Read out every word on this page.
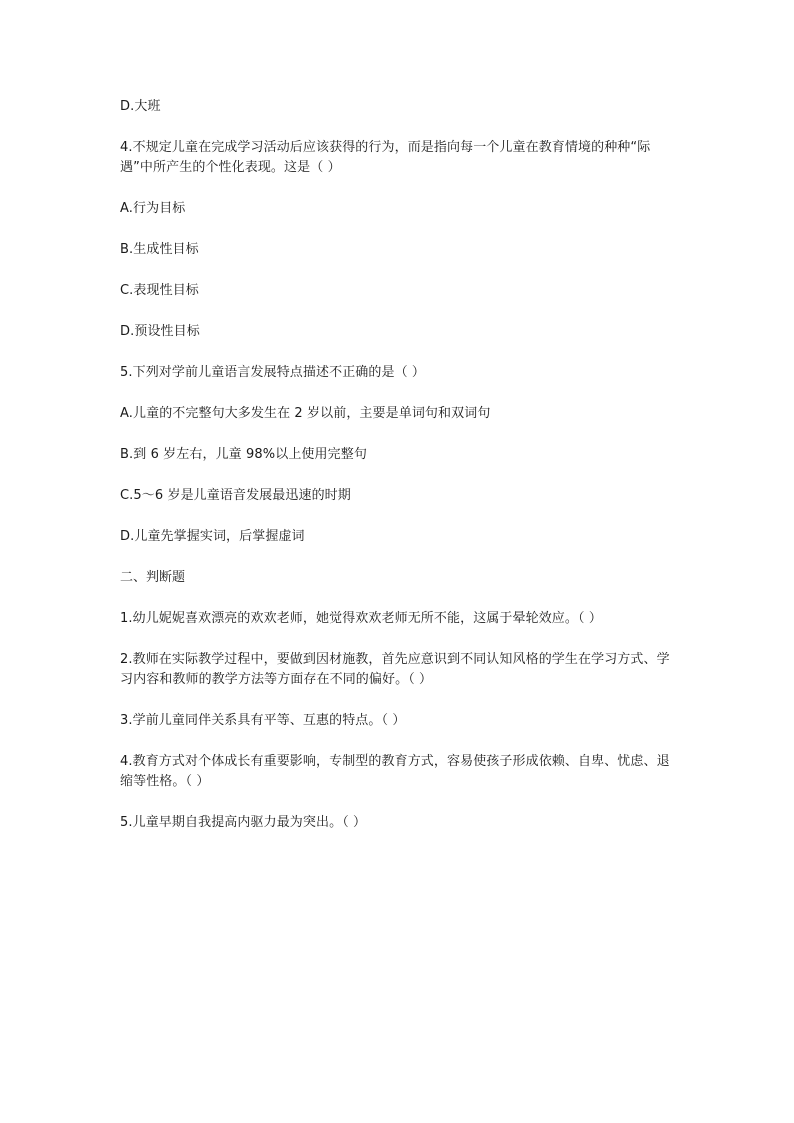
D.大班

4.不规定儿童在完成学习活动后应该获得的行为，而是指向每一个儿童在教育情境的种种“际遇”中所产生的个性化表现。这是（ ）

A.行为目标

B.生成性目标

C.表现性目标

D.预设性目标

5.下列对学前儿童语言发展特点描述不正确的是（ ）

A.儿童的不完整句大多发生在 2 岁以前，主要是单词句和双词句

B.到 6 岁左右，儿童 98%以上使用完整句

C.5～6 岁是儿童语音发展最迅速的时期

D.儿童先掌握实词，后掌握虚词

二、判断题

1.幼儿妮妮喜欢漂亮的欢欢老师，她觉得欢欢老师无所不能，这属于晕轮效应。（ ）

2.教师在实际教学过程中，要做到因材施教，首先应意识到不同认知风格的学生在学习方式、学习内容和教师的教学方法等方面存在不同的偏好。（ ）

3.学前儿童同伴关系具有平等、互惠的特点。（ ）

4.教育方式对个体成长有重要影响，专制型的教育方式，容易使孩子形成依赖、自卑、忧虑、退缩等性格。（ ）

5.儿童早期自我提高内驱力最为突出。（ ）
